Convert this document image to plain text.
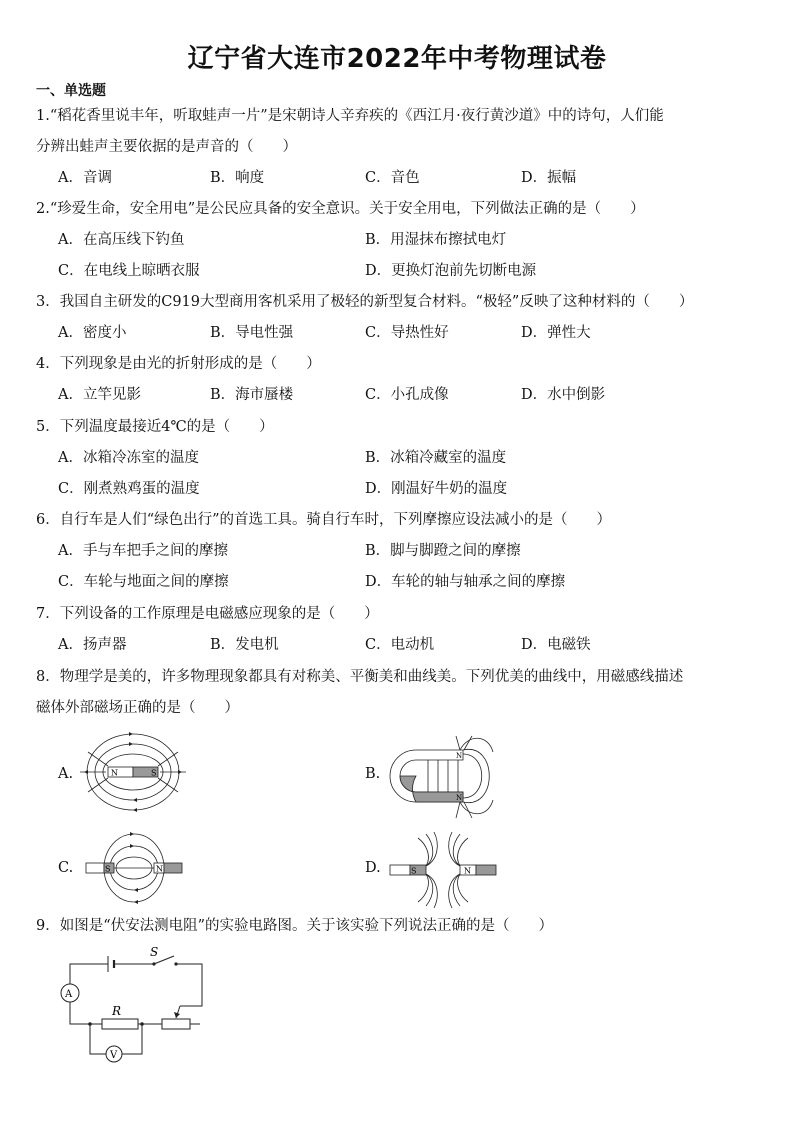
辽宁省大连市2022年中考物理试卷
一、单选题
1.“稻花香里说丰年，听取蛙声一片”是宋朝诗人辛弃疾的《西江月·夜行黄沙道》中的诗句，人们能
分辨出蛙声主要依据的是声音的（　　）
A．音调	B．响度	C．音色	D．振幅
2.“珍爱生命，安全用电”是公民应具备的安全意识。关于安全用电，下列做法正确的是（　　）
A．在高压线下钓鱼	B．用湿抹布擦拭电灯
C．在电线上晾晒衣服	D．更换灯泡前先切断电源
3．我国自主研发的C919大型商用客机采用了极轻的新型复合材料。“极轻”反映了这种材料的（　　）
A．密度小	B．导电性强	C．导热性好	D．弹性大
4．下列现象是由光的折射形成的是（　　）
A．立竿见影	B．海市蜃楼	C．小孔成像	D．水中倒影
5．下列温度最接近4℃的是（　　）
A．冰箱冷冻室的温度	B．冰箱冷藏室的温度
C．刚煮熟鸡蛋的温度	D．刚温好牛奶的温度
6．自行车是人们“绿色出行”的首选工具。骑自行车时，下列摩擦应设法减小的是（　　）
A．手与车把手之间的摩擦	B．脚与脚蹬之间的摩擦
C．车轮与地面之间的摩擦	D．车轮的轴与轴承之间的摩擦
7．下列设备的工作原理是电磁感应现象的是（　　）
A．扬声器	B．发电机	C．电动机	D．电磁铁
8．物理学是美的，许多物理现象都具有对称美、平衡美和曲线美。下列优美的曲线中，用磁感线描述
磁体外部磁场正确的是（　　）
A.	B.
C.	D.
N	S
N
N
S	N	S	N
9．如图是“伏安法测电阻”的实验电路图。关于该实验下列说法正确的是（　　）
S
A
R
V
